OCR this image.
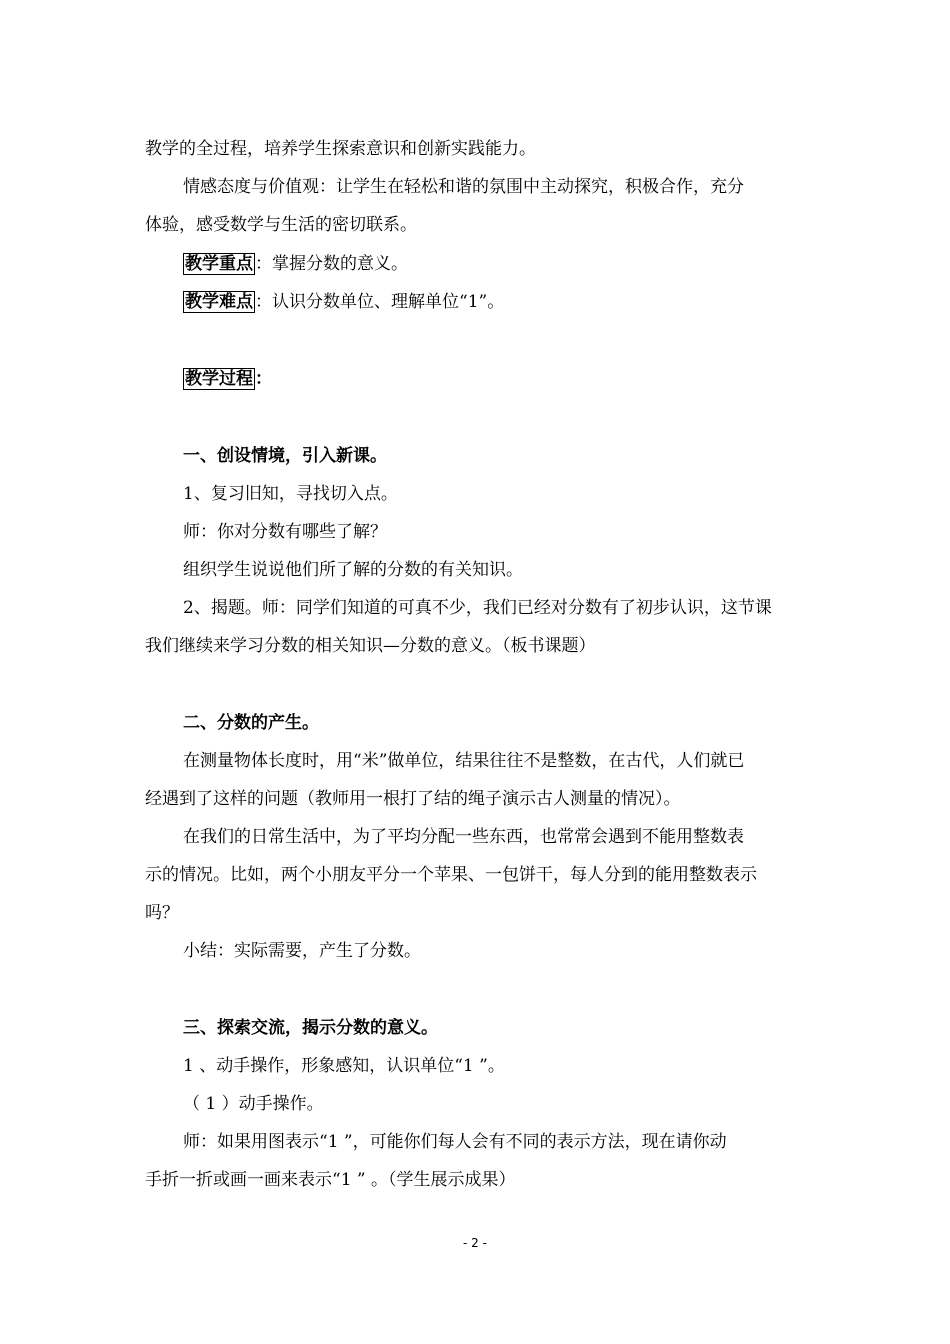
教学的全过程，培养学生探索意识和创新实践能力。
情感态度与价值观：让学生在轻松和谐的氛围中主动探究，积极合作，充分
体验，感受数学与生活的密切联系。
教学重点 ：掌握分数的意义。
教学难点 ：认识分数单位、理解单位“1”。
教学过程 ：
一、创设情境，引入新课。
1、复习旧知，寻找切入点。
师：你对分数有哪些了解？
组织学生说说他们所了解的分数的有关知识。
2、揭题。师：同学们知道的可真不少，我们已经对分数有了初步认识，这节课
我们继续来学习分数的相关知识—分数的意义。（板书课题）
二、分数的产生。
在测量物体长度时，用“米”做单位，结果往往不是整数，在古代，人们就已
经遇到了这样的问题（教师用一根打了结的绳子演示古人测量的情况）。
在我们的日常生活中，为了平均分配一些东西，也常常会遇到不能用整数表
示的情况。比如，两个小朋友平分一个苹果、一包饼干，每人分到的能用整数表示
吗？
小结：实际需要，产生了分数。
三、探索交流，揭示分数的意义。
1 、动手操作，形象感知，认识单位“1 ”。
（ 1 ）动手操作。
师：如果用图表示“1 ”，可能你们每人会有不同的表示方法，现在请你动
手折一折或画一画来表示“1 ” 。（学生展示成果）
- 2 -
